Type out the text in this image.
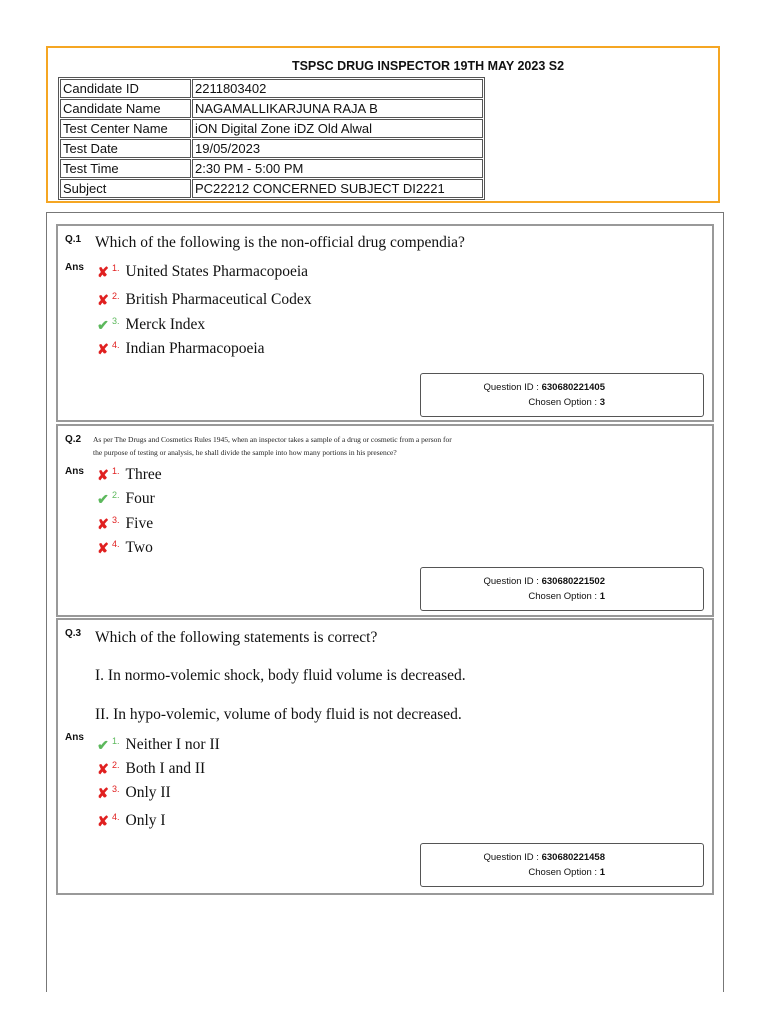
TSPSC DRUG INSPECTOR 19TH MAY 2023 S2
Candidate ID	2211803402
Candidate Name	NAGAMALLIKARJUNA RAJA B
Test Center Name	iON Digital Zone iDZ Old Alwal
Test Date	19/05/2023
Test Time	2:30 PM - 5:00 PM
Subject	PC22212 CONCERNED SUBJECT DI2221
Q.1 Which of the following is the non-official drug compendia?
Ans ✘ 1. United States Pharmacopoeia
✘ 2. British Pharmaceutical Codex
✔ 3. Merck Index
✘ 4. Indian Pharmacopoeia
Question ID : 630680221405
Chosen Option : 3
Q.2 As per The Drugs and Cosmetics Rules 1945, when an inspector takes a sample of a drug or cosmetic from a person for
the purpose of testing or analysis, he shall divide the sample into how many portions in his presence?
Ans ✘ 1. Three
✔ 2. Four
✘ 3. Five
✘ 4. Two
Question ID : 630680221502
Chosen Option : 1
Q.3 Which of the following statements is correct?
I. In normo-volemic shock, body fluid volume is decreased.
II. In hypo-volemic, volume of body fluid is not decreased.
Ans ✔ 1. Neither I nor II
✘ 2. Both I and II
✘ 3. Only II
✘ 4. Only I
Question ID : 630680221458
Chosen Option : 1
